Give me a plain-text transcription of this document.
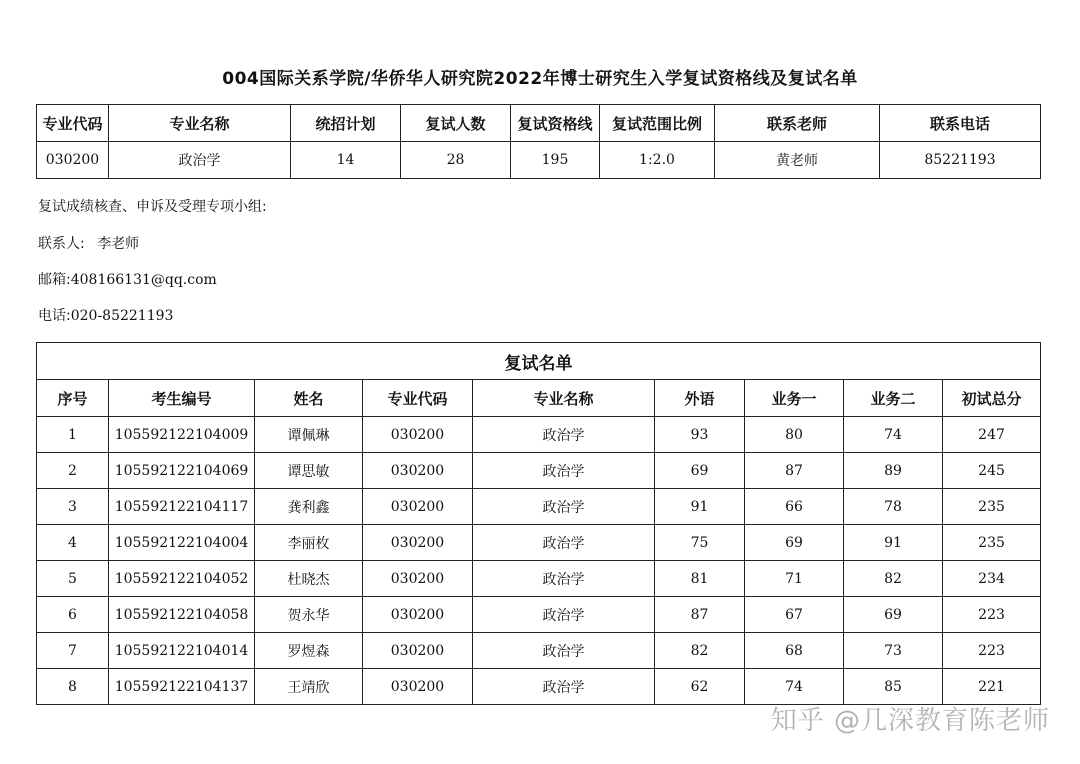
004国际关系学院/华侨华人研究院2022年博士研究生入学复试资格线及复试名单
专业代码	专业名称	统招计划	复试人数	复试资格线	复试范围比例	联系老师	联系电话
030200	政治学	14	28	195	1:2.0	黄老师	85221193
复试成绩核查、申诉及受理专项小组:
联系人: 李老师
邮箱:408166131@qq.com
电话:020-85221193
复试名单								
序号	考生编号	姓名	专业代码	专业名称	外语	业务一	业务二	初试总分
1	105592122104009	谭佩琳	030200	政治学	93	80	74	247
2	105592122104069	谭思敏	030200	政治学	69	87	89	245
3	105592122104117	龚利鑫	030200	政治学	91	66	78	235
4	105592122104004	李丽枚	030200	政治学	75	69	91	235
5	105592122104052	杜晓杰	030200	政治学	81	71	82	234
6	105592122104058	贺永华	030200	政治学	87	67	69	223
7	105592122104014	罗煜森	030200	政治学	82	68	73	223
8	105592122104137	王靖欣	030200	政治学	62	74	85	221
知乎 @几深教育陈老师
